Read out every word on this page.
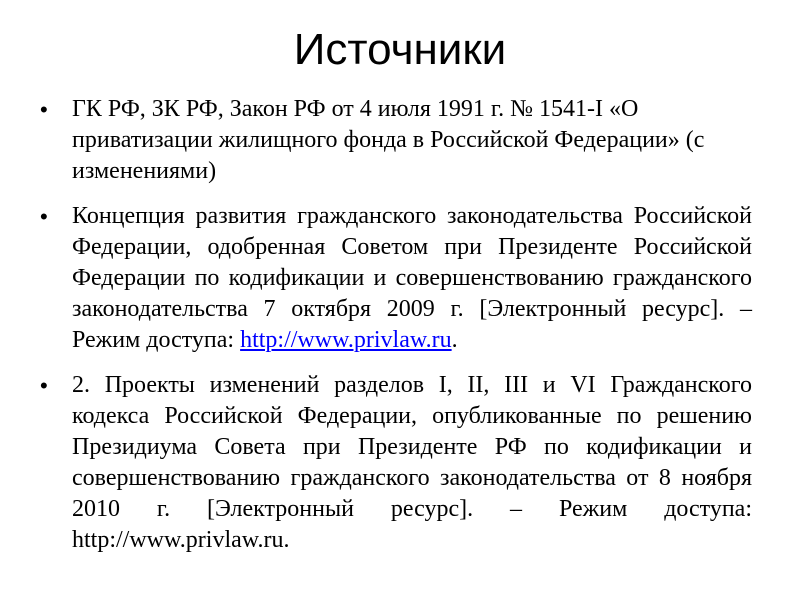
Источники
•	ГК РФ, ЗК РФ, Закон РФ от 4 июля 1991 г. № 1541-I «О приватизации жилищного фонда в Российской Федерации» (с изменениями)
•	Концепция развития гражданского законодательства Российской Федерации, одобренная Советом при Президенте Российской Федерации по кодификации и совершенствованию гражданского законодательства 7 октября 2009 г. [Электронный ресурс]. – Режим доступа: http://www.privlaw.ru.
•	2. Проекты изменений разделов I, II, III и VI Гражданского кодекса Российской Федерации, опубликованные по решению Президиума Совета при Президенте РФ по кодификации и совершенствованию гражданского законодательства от 8 ноября 2010 г. [Электронный ресурс]. – Режим доступа: http://www.privlaw.ru.
